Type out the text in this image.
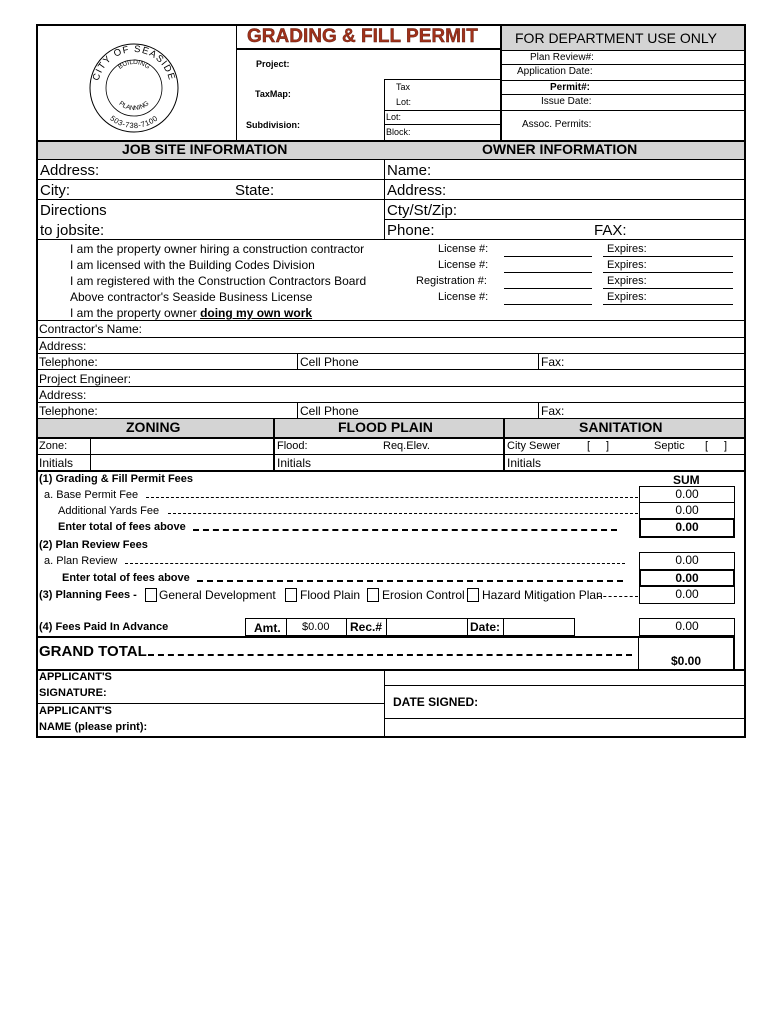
GRADING & FILL PERMIT	FOR DEPARTMENT USE ONLY
Project:
TaxMap:
Subdivision:
Tax
Lot:
Lot:
Block:
Plan Review#:
Application Date:
Permit#:
Issue Date:
Assoc. Permits:
CITY OF SEASIDE
BUILDING
PLANNING
503-738-7100
JOB SITE INFORMATION	OWNER INFORMATION
Address:	Name:
City:	State:	Address:
Directions	Cty/St/Zip:
to jobsite:	Phone:	FAX:
I am the property owner hiring a construction contractor	License #:	Expires:
I am licensed with the Building Codes Division	License #:	Expires:
I am registered with the Construction Contractors Board	Registration #:	Expires:
Above contractor's Seaside Business License	License #:	Expires:
I am the property owner doing my own work
Contractor's Name:
Address:
Telephone:	Cell Phone	Fax:
Project Engineer:
Address:
Telephone:	Cell Phone	Fax:
ZONING	FLOOD PLAIN	SANITATION
Zone:	Flood:	Req.Elev.	City Sewer [ ]	Septic [ ]
Initials	Initials	Initials
SUM
(1) Grading & Fill Permit Fees
a. Base Permit Fee	0.00
Additional Yards Fee	0.00
Enter total of fees above	0.00
(2) Plan Review Fees
a. Plan Review	0.00
Enter total of fees above	0.00
(3) Planning Fees - General Development Flood Plain Erosion Control Hazard Mitigation Plan	0.00
(4) Fees Paid In Advance	Amt. $0.00 Rec.#	Date:	0.00
GRAND TOTAL
$0.00
APPLICANT'S
SIGNATURE:
DATE SIGNED:
APPLICANT'S
NAME (please print):
